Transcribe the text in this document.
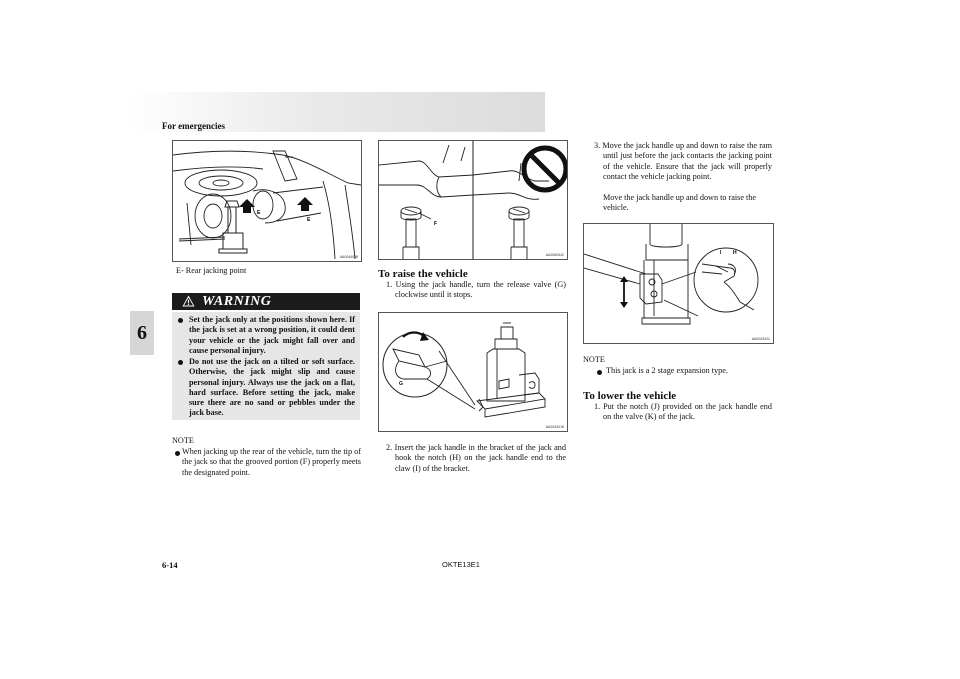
For emergencies
6
E
E
AA0044088
E- Rear jacking point
WARNING
Set the jack only at the positions shown here. If the jack is set at a wrong position, it could dent your vehicle or the jack might fall over and cause personal injury.
Do not use the jack on a tilted or soft surface. Otherwise, the jack might slip and cause personal injury. Always use the jack on a flat, hard surface. Before setting the jack, make sure there are no sand or pebbles under the jack base.
NOTE
When jacking up the rear of the vehicle, turn the tip of the jack so that the grooved portion (F) properly meets the designated point.
F
AA0060442
To raise the vehicle
1. Using the jack handle, turn the release valve (G) clockwise until it stops.
G
AA0043418
2. Insert the jack handle in the bracket of the jack and hook the notch (H) on the jack handle end to the claw (I) of the bracket.
3. Move the jack handle up and down to raise the ram until just before the jack contacts the jacking point of the vehicle. Ensure that the jack will properly contact the vehicle jacking point.
Move the jack handle up and down to raise the vehicle.
I H
AA0043421
NOTE
This jack is a 2 stage expansion type.
To lower the vehicle
1. Put the notch (J) provided on the jack handle end on the valve (K) of the jack.
6-14	OKTE13E1
